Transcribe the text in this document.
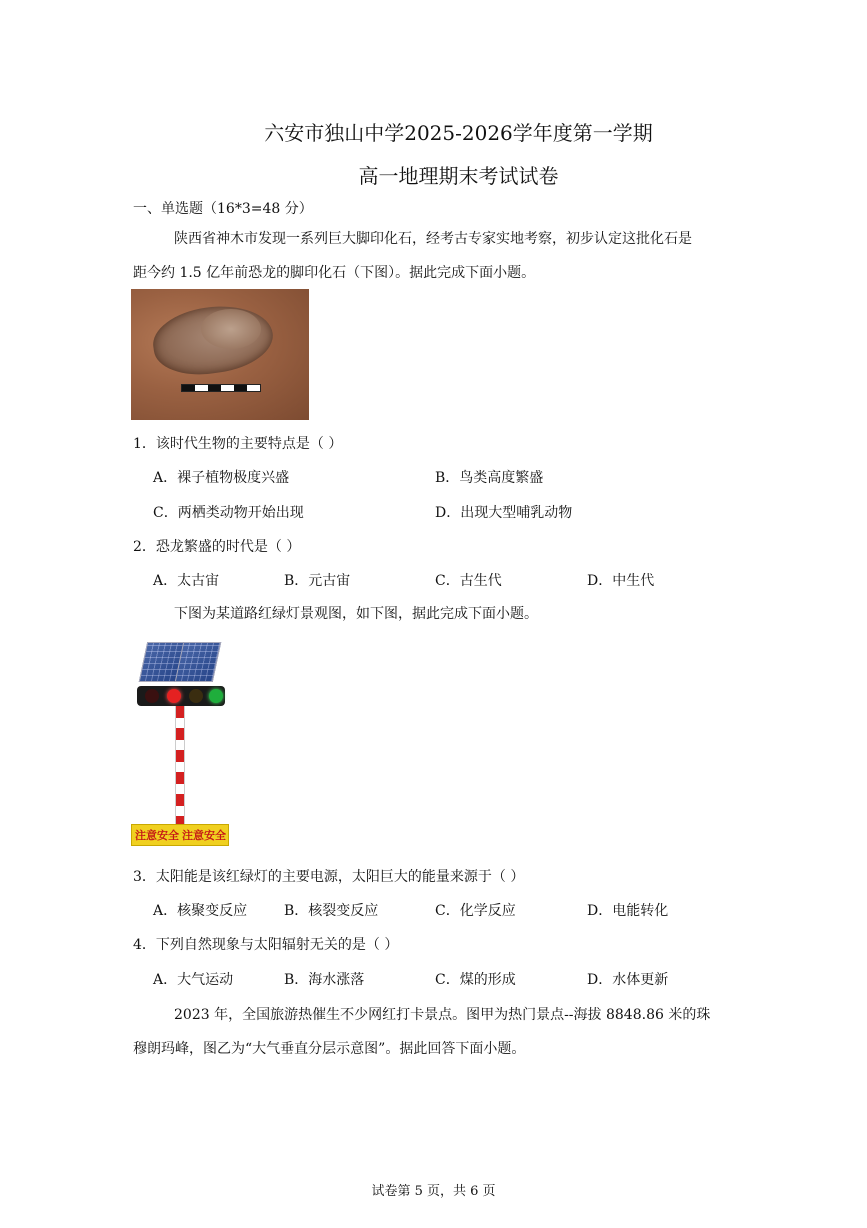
六安市独山中学2025-2026学年度第一学期
高一地理期末考试试卷
一、单选题（16*3=48 分）
陕西省神木市发现一系列巨大脚印化石，经考古专家实地考察，初步认定这批化石是
距今约 1.5 亿年前恐龙的脚印化石（下图）。据此完成下面小题。
1．该时代生物的主要特点是（ ）
A．裸子植物极度兴盛	B．鸟类高度繁盛
C．两栖类动物开始出现	D．出现大型哺乳动物
2．恐龙繁盛的时代是（ ）
A．太古宙	B．元古宙	C．古生代	D．中生代
下图为某道路红绿灯景观图，如下图，据此完成下面小题。
注意安全 注意安全
3．太阳能是该红绿灯的主要电源，太阳巨大的能量来源于（ ）
A．核聚变反应	B．核裂变反应	C．化学反应	D．电能转化
4．下列自然现象与太阳辐射无关的是（ ）
A．大气运动	B．海水涨落	C．煤的形成	D．水体更新
2023 年，全国旅游热催生不少网红打卡景点。图甲为热门景点--海拔 8848.86 米的珠
穆朗玛峰，图乙为“大气垂直分层示意图”。据此回答下面小题。
试卷第 5 页，共 6 页
